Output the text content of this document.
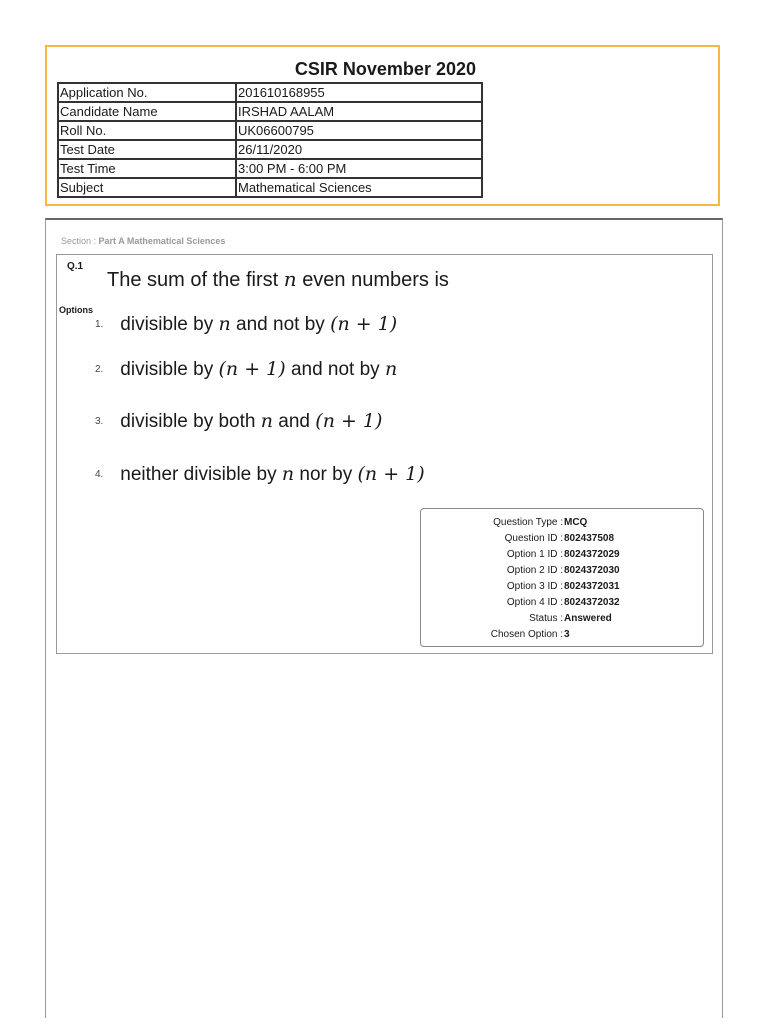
CSIR November 2020
Application No.	201610168955
Candidate Name	IRSHAD AALAM
Roll No.	UK06600795
Test Date	26/11/2020
Test Time	3:00 PM - 6:00 PM
Subject	Mathematical Sciences
Section : Part A Mathematical Sciences
Q.1
The sum of the first n even numbers is
Options
1. divisible by n and not by (n + 1)
2. divisible by (n + 1) and not by n
3. divisible by both n and (n + 1)
4. neither divisible by n nor by (n + 1)
Question Type : MCQ
Question ID : 802437508
Option 1 ID : 8024372029
Option 2 ID : 8024372030
Option 3 ID : 8024372031
Option 4 ID : 8024372032
Status : Answered
Chosen Option : 3
